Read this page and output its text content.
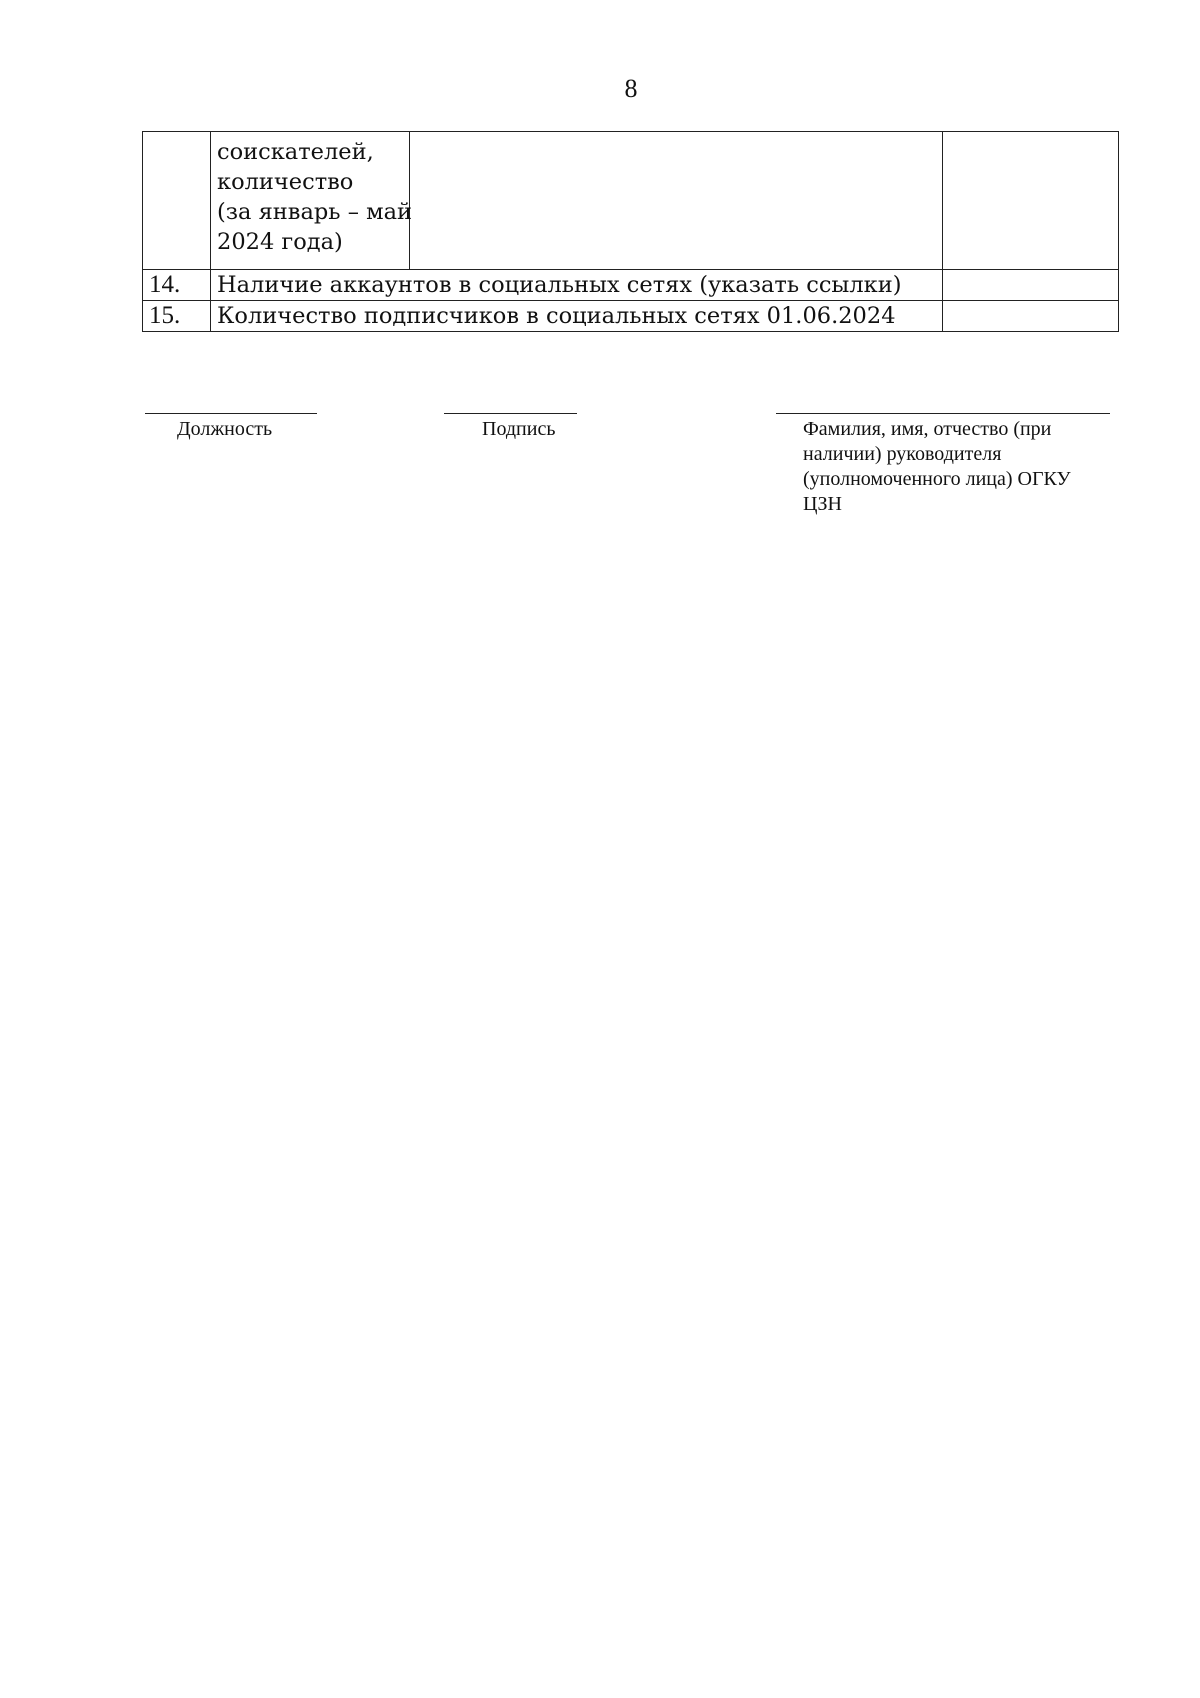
8

	соискателей,
количество
(за январь – май
2024 года)		

14.	Наличие аккаунтов в социальных сетях (указать ссылки)		
15.	Количество подписчиков в социальных сетях 01.06.2024		
Должность	Подпись	Фамилия, имя, отчество (при
наличии) руководителя
(уполномоченного лица) ОГКУ
ЦЗН
